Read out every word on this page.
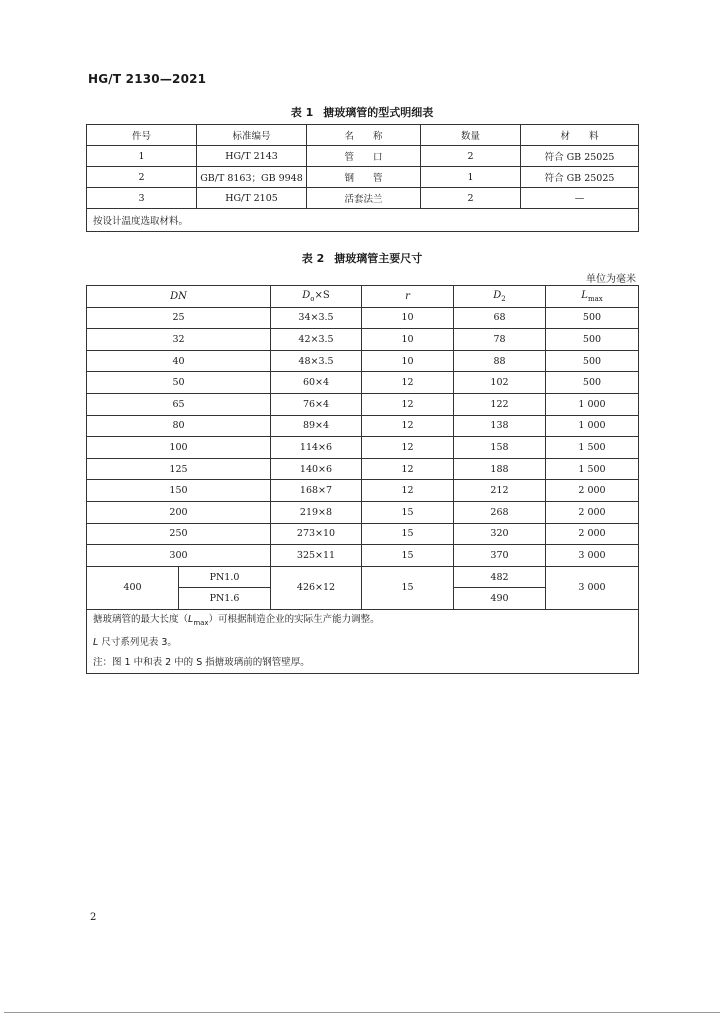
HG/T 2130—2021
表 1 搪玻璃管的型式明细表
件号	标准编号	名　　称	数量	材　　料
1	HG/T 2143	管　　口	2	符合 GB 25025
2	GB/T 8163；GB 9948	钢　　管	1	符合 GB 25025
3	HG/T 2105	活套法兰	2	—
按设计温度选取材料。				
表 2 搪玻璃管主要尺寸
单位为毫米
DN		$D_o\times S$	r	$D_2$	$L_{max}$
25		34×3.5	10	68	500
32		42×3.5	10	78	500
40		48×3.5	10	88	500
50		60×4	12	102	500
65		76×4	12	122	1 000
80		89×4	12	138	1 000
100		114×6	12	158	1 500
125		140×6	12	188	1 500
150		168×7	12	212	2 000
200		219×8	15	268	2 000
250		273×10	15	320	2 000
300		325×11	15	370	3 000
400	PN1.0	426×12	15	482	3 000
	PN1.6			490	

搪玻璃管的最大长度$(L_{max})$可根据制造企业的实际生产能力调整。
L 尺寸系列见表 3。
注：图 1 中和表 2 中的 S 指搪玻璃前的钢管壁厚。					
2
